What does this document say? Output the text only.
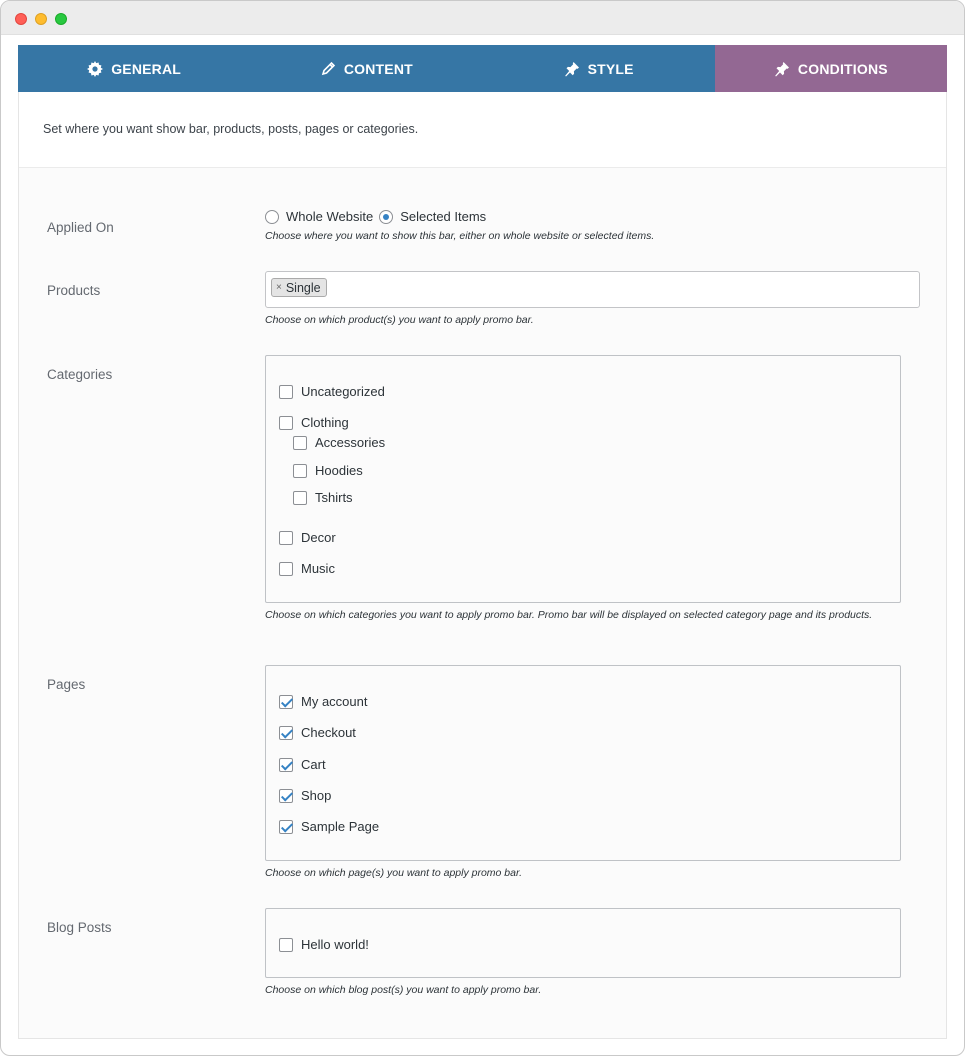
GENERAL	CONTENT	STYLE	CONDITIONS
Set where you want show bar, products, posts, pages or categories.
Applied On
Whole Website Selected Items
Choose where you want to show this bar, either on whole website or selected items.
Products	× Single
Choose on which product(s) you want to apply promo bar.
Categories
Uncategorized
Clothing
Accessories
Hoodies
Tshirts
Decor
Music
Choose on which categories you want to apply promo bar. Promo bar will be displayed on selected category page and its products.
Pages
My account
Checkout
Cart
Shop
Sample Page
Choose on which page(s) you want to apply promo bar.
Blog Posts
Hello world!
Choose on which blog post(s) you want to apply promo bar.
